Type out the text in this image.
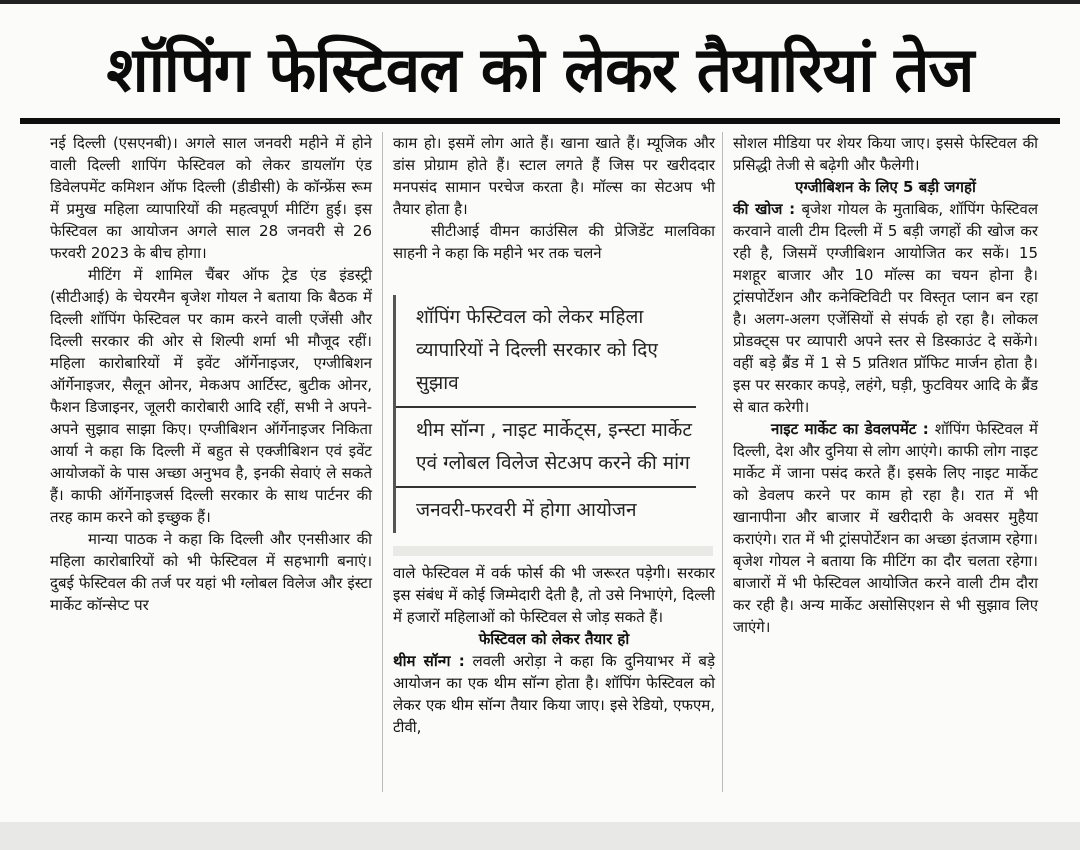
शॉपिंग फेस्टिवल को लेकर तैयारियां तेज

नई दिल्ली (एसएनबी)। अगले साल जनवरी महीने में होने वाली दिल्ली शापिंग फेस्टिवल को लेकर डायलॉग एंड डिवेलपमेंट कमिशन ऑफ दिल्ली (डीडीसी) के कॉन्फ्रेंस रूम में प्रमुख महिला व्यापारियों की महत्वपूर्ण मीटिंग हुई। इस फेस्टिवल का आयोजन अगले साल 28 जनवरी से 26 फरवरी 2023 के बीच होगा।

मीटिंग में शामिल चैंबर ऑफ ट्रेड एंड इंडस्ट्री (सीटीआई) के चेयरमैन बृजेश गोयल ने बताया कि बैठक में दिल्ली शॉपिंग फेस्टिवल पर काम करने वाली एजेंसी और दिल्ली सरकार की ओर से शिल्पी शर्मा भी मौजूद रहीं। महिला कारोबारियों में इवेंट ऑर्गेनाइजर, एग्जीबिशन ऑर्गेनाइजर, सैलून ओनर, मेकअप आर्टिस्ट, बुटीक ओनर, फैशन डिजाइनर, जूलरी कारोबारी आदि रहीं, सभी ने अपने-अपने सुझाव साझा किए। एग्जीबिशन ऑर्गेनाइजर निकिता आर्या ने कहा कि दिल्ली में बहुत से एक्जीबिशन एवं इवेंट आयोजकों के पास अच्छा अनुभव है, इनकी सेवाएं ले सकते हैं। काफी ऑर्गेनाइजर्स दिल्ली सरकार के साथ पार्टनर की तरह काम करने को इच्छुक हैं।

मान्या पाठक ने कहा कि दिल्ली और एनसीआर की महिला कारोबारियों को भी फेस्टिवल में सहभागी बनाएं। दुबई फेस्टिवल की तर्ज पर यहां भी ग्लोबल विलेज और इंस्टा मार्केट कॉन्सेप्ट पर

काम हो। इसमें लोग आते हैं। खाना खाते हैं। म्यूजिक और डांस प्रोग्राम होते हैं। स्टाल लगते हैं जिस पर खरीददार मनपसंद सामान परचेज करता है। मॉल्स का सेटअप भी तैयार होता है।

सीटीआई वीमन काउंसिल की प्रेजिडेंट मालविका साहनी ने कहा कि महीने भर तक चलने

शॉपिंग फेस्टिवल को लेकर महिला व्यापारियों ने दिल्ली सरकार को दिए सुझाव
थीम सॉन्ग , नाइट मार्केट्स, इन्स्टा मार्केट एवं ग्लोबल विलेज सेटअप करने की मांग
जनवरी-फरवरी में होगा आयोजन

वाले फेस्टिवल में वर्क फोर्स की भी जरूरत पड़ेगी। सरकार इस संबंध में कोई जिम्मेदारी देती है, तो उसे निभाएंगे, दिल्ली में हजारों महिलाओं को फेस्टिवल से जोड़ सकते हैं।

फेस्टिवल को लेकर तैयार हो

थीम सॉन्ग : लवली अरोड़ा ने कहा कि दुनियाभर में बड़े आयोजन का एक थीम सॉन्ग होता है। शॉपिंग फेस्टिवल को लेकर एक थीम सॉन्ग तैयार किया जाए। इसे रेडियो, एफएम, टीवी,

सोशल मीडिया पर शेयर किया जाए। इससे फेस्टिवल की प्रसिद्धी तेजी से बढ़ेगी और फैलेगी।

एग्जीबिशन के लिए 5 बड़ी जगहों

की खोज : बृजेश गोयल के मुताबिक, शॉपिंग फेस्टिवल करवाने वाली टीम दिल्ली में 5 बड़ी जगहों की खोज कर रही है, जिसमें एग्जीबिशन आयोजित कर सकें। 15 मशहूर बाजार और 10 मॉल्स का चयन होना है। ट्रांसपोर्टेशन और कनेक्टिविटी पर विस्तृत प्लान बन रहा है। अलग-अलग एजेंसियों से संपर्क हो रहा है। लोकल प्रोडक्ट्स पर व्यापारी अपने स्तर से डिस्काउंट दे सकेंगे। वहीं बड़े ब्रैंड में 1 से 5 प्रतिशत प्रॉफिट मार्जन होता है। इस पर सरकार कपड़े, लहंगे, घड़ी, फुटवियर आदि के ब्रैंड से बात करेगी।

नाइट मार्केट का डेवलपमेंट : शॉपिंग फेस्टिवल में दिल्ली, देश और दुनिया से लोग आएंगे। काफी लोग नाइट मार्केट में जाना पसंद करते हैं। इसके लिए नाइट मार्केट को डेवलप करने पर काम हो रहा है। रात में भी खानापीना और बाजार में खरीदारी के अवसर मुहैया कराएंगे। रात में भी ट्रांसपोर्टेशन का अच्छा इंतजाम रहेगा। बृजेश गोयल ने बताया कि मीटिंग का दौर चलता रहेगा। बाजारों में भी फेस्टिवल आयोजित करने वाली टीम दौरा कर रही है। अन्य मार्केट असोसिएशन से भी सुझाव लिए जाएंगे।
